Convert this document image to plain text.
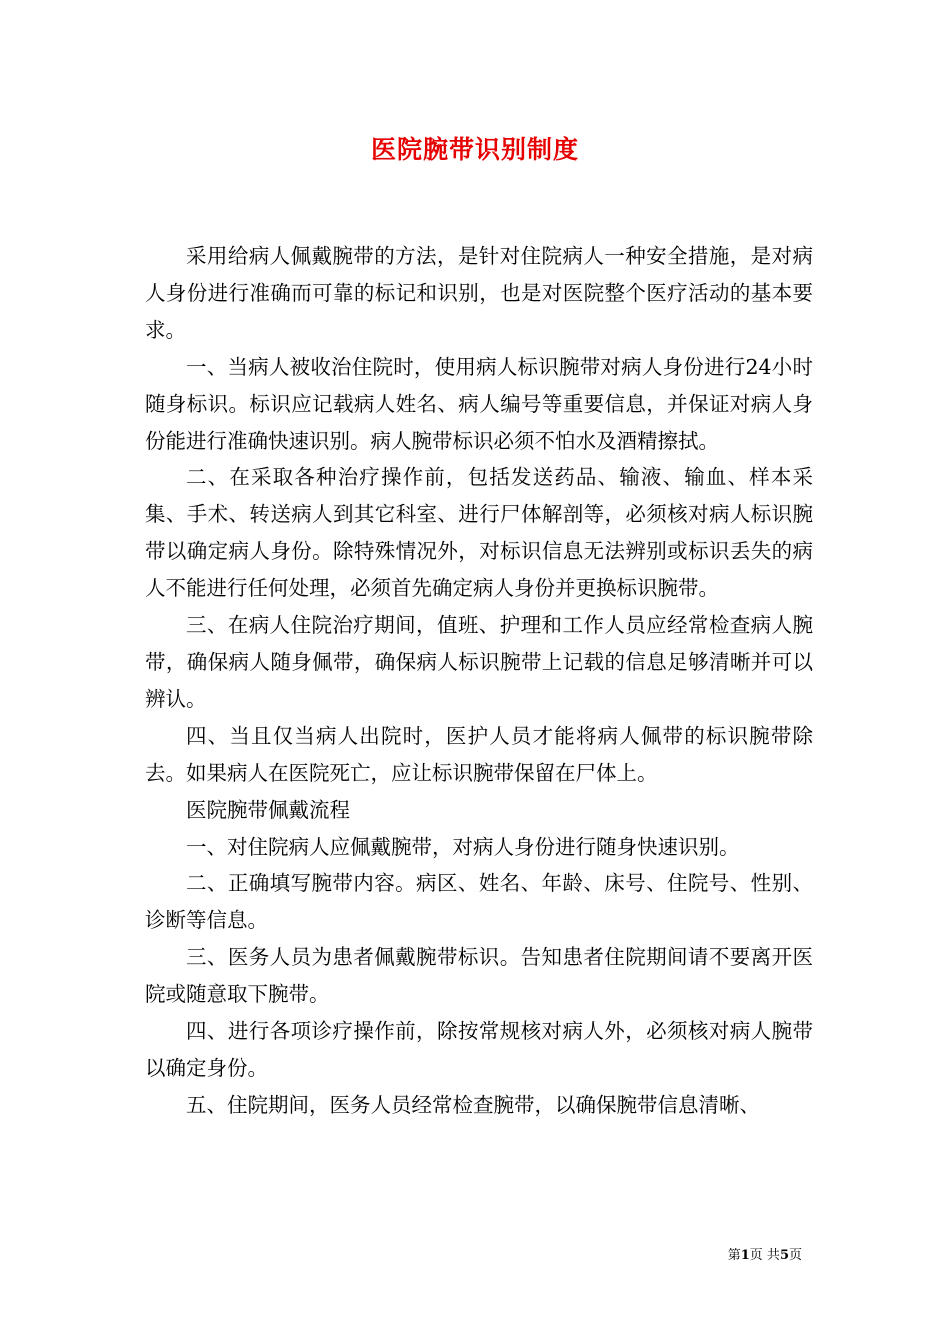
医院腕带识别制度

采用给病人佩戴腕带的方法，是针对住院病人一种安全措施，是对病人身份进行准确而可靠的标记和识别，也是对医院整个医疗活动的基本要求。

一、当病人被收治住院时，使用病人标识腕带对病人身份进行24小时随身标识。标识应记载病人姓名、病人编号等重要信息，并保证对病人身份能进行准确快速识别。病人腕带标识必须不怕水及酒精擦拭。

二、在采取各种治疗操作前，包括发送药品、输液、输血、样本采集、手术、转送病人到其它科室、进行尸体解剖等，必须核对病人标识腕带以确定病人身份。除特殊情况外，对标识信息无法辨别或标识丢失的病人不能进行任何处理，必须首先确定病人身份并更换标识腕带。

三、在病人住院治疗期间，值班、护理和工作人员应经常检查病人腕带，确保病人随身佩带，确保病人标识腕带上记载的信息足够清晰并可以辨认。

四、当且仅当病人出院时，医护人员才能将病人佩带的标识腕带除去。如果病人在医院死亡，应让标识腕带保留在尸体上。

医院腕带佩戴流程

一、对住院病人应佩戴腕带，对病人身份进行随身快速识别。

二、正确填写腕带内容。病区、姓名、年龄、床号、住院号、性别、诊断等信息。

三、医务人员为患者佩戴腕带标识。告知患者住院期间请不要离开医院或随意取下腕带。

四、进行各项诊疗操作前，除按常规核对病人外，必须核对病人腕带以确定身份。

五、住院期间，医务人员经常检查腕带，以确保腕带信息清晰、

第1页 共5页
